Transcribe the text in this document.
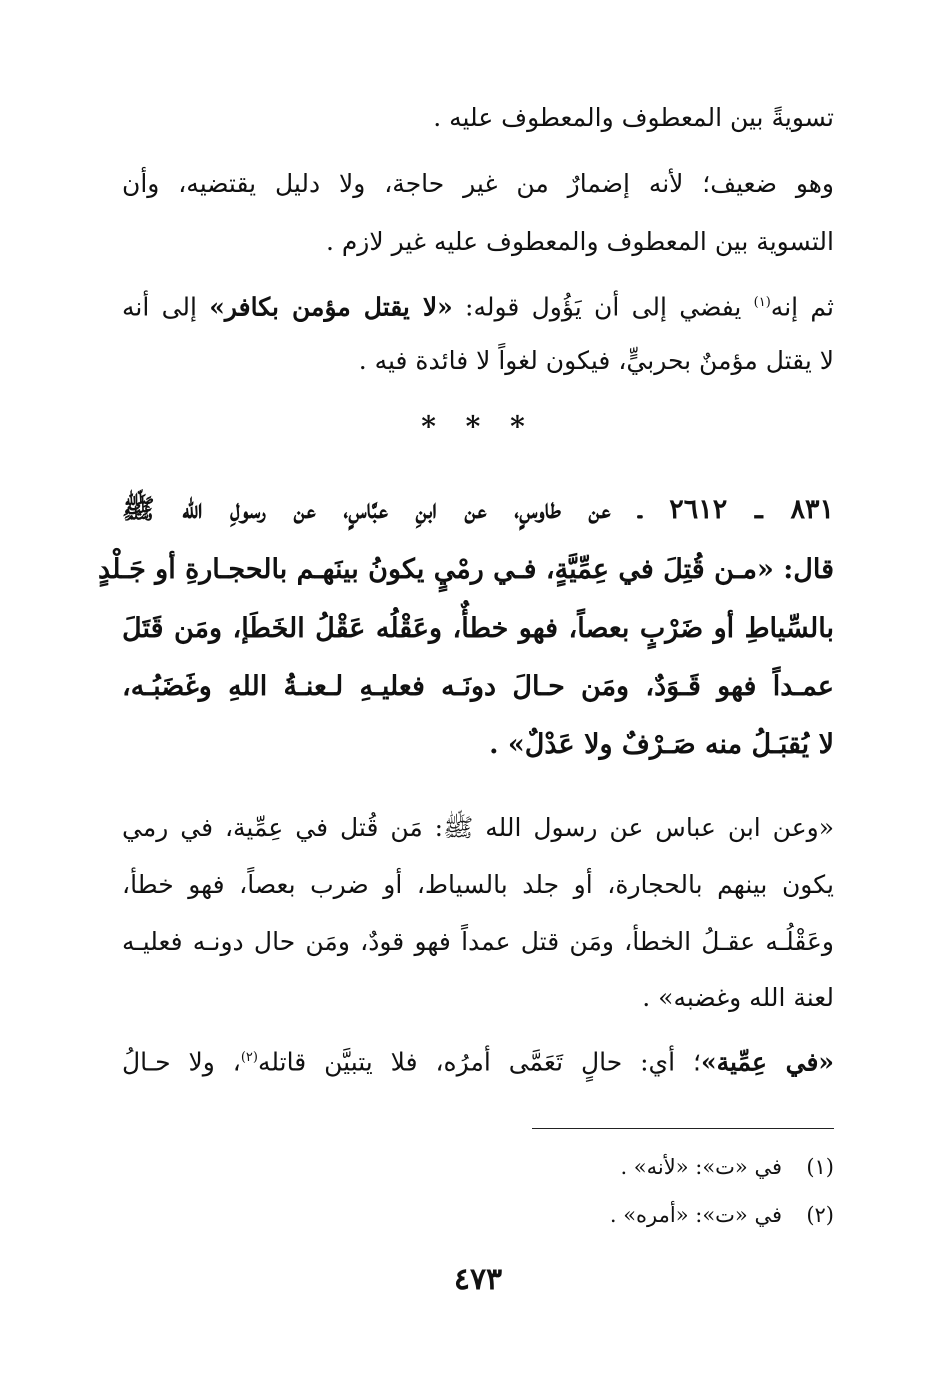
تسويةً بين المعطوف والمعطوف عليه .
وهو ضعيف؛ لأنه إضمارٌ من غير حاجة، ولا دليل يقتضيه، وأن
التسوية بين المعطوف والمعطوف عليه غير لازم .
ثم إنه$^{(١)}$ يفضي إلى أن يَؤُول قوله: «لا يقتل مؤمن بكافر» إلى أنه
لا يقتل مؤمنٌ بحربيٍّ، فيكون لغواً لا فائدة فيه .
* * *
٨٣١ ـ ٢٦١٢ ـ عن طاوسٍ، عن ابنِ عبَّاسٍ، عن رسولِ الله ﷺ
قال: «مـن قُتِلَ في عِمِّيَّةٍ، فـي رمْيٍ يكونُ بينَهـم بالحجـارةِ أو جَـلْدٍ
بالسِّياطِ أو ضَرْبٍ بعصاً، فهو خطأٌ، وعَقْلُه عَقْلُ الخَطَإ، ومَن قَتَلَ
عمـداً فهو قَـوَدٌ، ومَن حـالَ دونَـه فعليـهِ لـعنـةُ اللهِ وغَضَبُـه،
لا يُقبَـلُ منه صَـرْفٌ ولا عَدْلٌ» .
«وعن ابن عباس عن رسول الله ﷺ: مَن قُتل في عِمِّية، في رمي
يكون بينهم بالحجارة، أو جلد بالسياط، أو ضرب بعصاً، فهو خطأ،
وعَقْلُـه عقـلُ الخطأ، ومَن قتل عمداً فهو قودٌ، ومَن حال دونـه فعليـه
لعنة الله وغضبه» .
«في عِمِّية»؛ أي: حالٍ تَعَمَّى أمرُه، فلا يتبيَّن قاتله$^{(٢)}$، ولا حـالُ
(١)في «ت»: «لأنه» .
(٢)في «ت»: «أمره» .
٤٧٣
